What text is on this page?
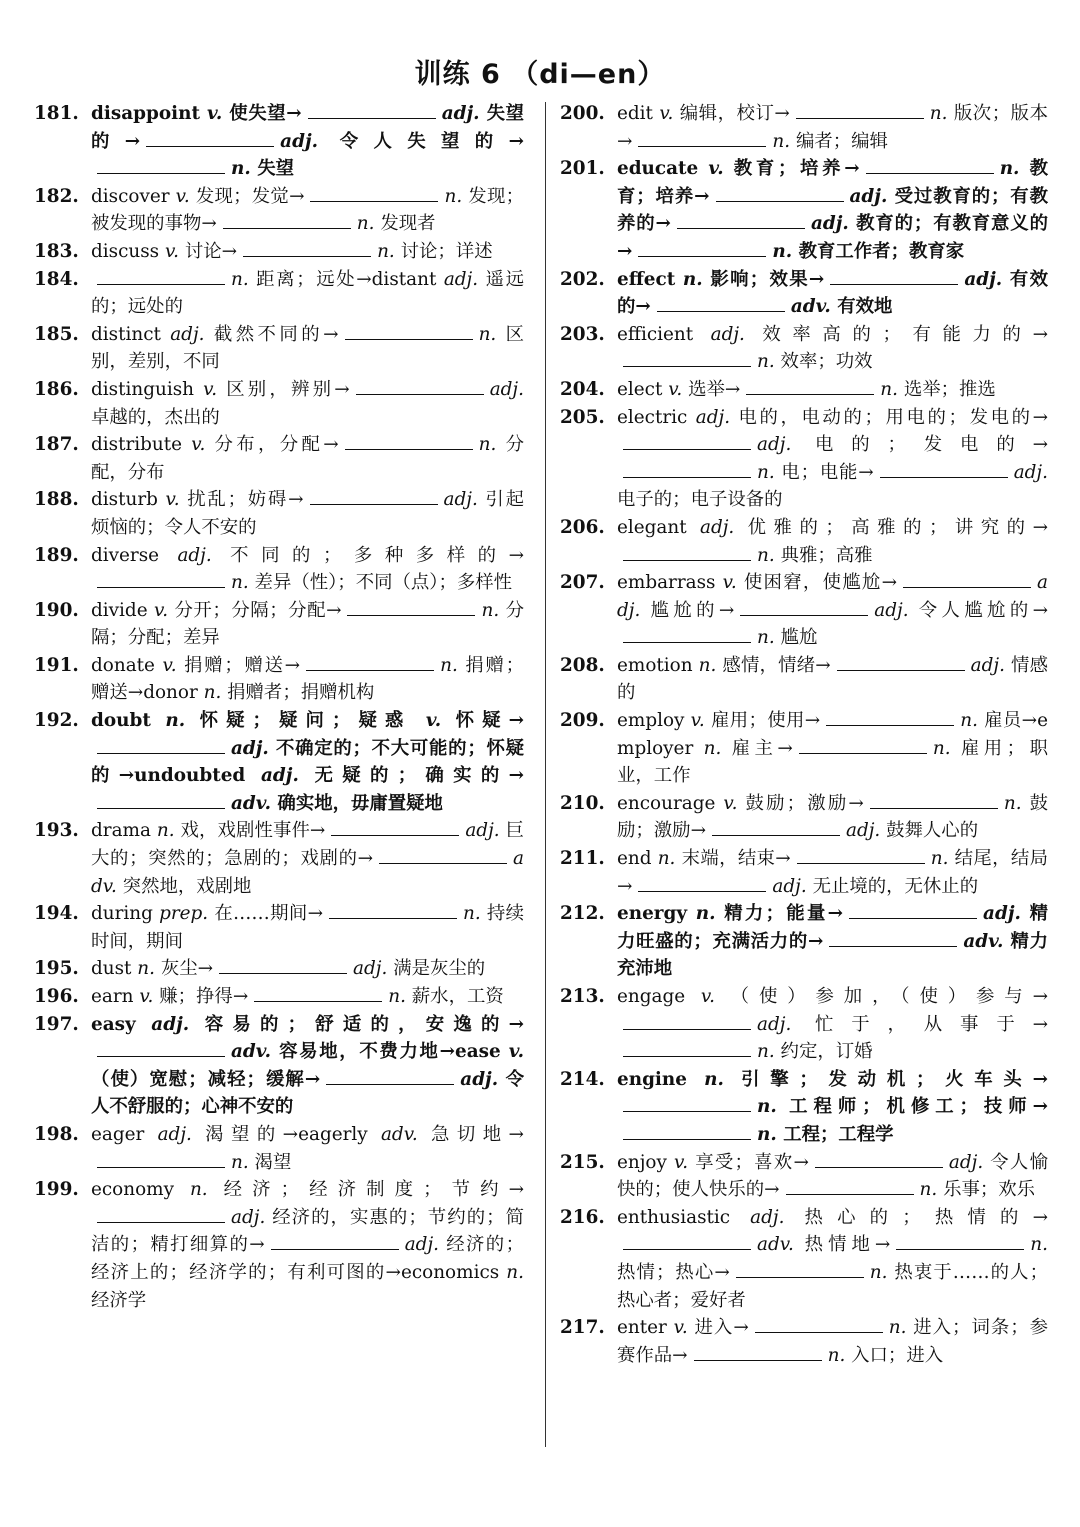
训练 6 （di—en）
181. disappoint v. 使失望→	adj. 失望的→	adj. 令人失望的→n. 失望
182. discover v. 发现；发觉→	n. 发现；被发现的事物→	n. 发现者
183. discuss v. 讨论→	n. 讨论；详述
184.	n. 距离；远处→distant adj. 遥远的；远处的
185. distinct adj. 截然不同的→	n. 区别，差别，不同
186. distinguish v. 区别，辨别→	adj. 卓越的，杰出的
187. distribute v. 分布，分配→	n. 分配，分布
188. disturb v. 扰乱；妨碍→	adj. 引起烦恼的；令人不安的
189. diverse adj. 不同的；多种多样的→n. 差异（性）；不同（点）；多样性
190. divide v. 分开；分隔；分配→	n. 分隔；分配；差异
191. donate v. 捐赠；赠送→	n. 捐赠；赠送→donor n. 捐赠者；捐赠机构
192. doubt n. 怀疑；疑问；疑惑 v. 怀疑→adj. 不确定的；不大可能的；怀疑的→undoubted adj. 无疑的；确实的→adv. 确实地，毋庸置疑地
193. drama n. 戏，戏剧性事件→	adj. 巨大的；突然的；急剧的；戏剧的→	adv. 突然地，戏剧地
194. during prep. 在……期间→	n. 持续时间，期间
195. dust n. 灰尘→	adj. 满是灰尘的
196. earn v. 赚；挣得→	n. 薪水，工资
197. easy adj. 容易的；舒适的，安逸的→adv. 容易地，不费力地→ease v. （使）宽慰；减轻；缓解→	adj. 令人不舒服的；心神不安的
198. eager adj. 渴望的→eagerly adv. 急切地→n. 渴望
199. economy n. 经济；经济制度；节约→adj. 经济的，实惠的；节约的；简洁的；精打细算的→	adj. 经济的；经济上的；经济学的；有利可图的→economics n. 经济学
200. edit v. 编辑，校订→	n. 版次；版本→	n. 编者；编辑
201. educate v. 教育；培养→	n. 教育；培养→	adj. 受过教育的；有教养的→	adj. 教育的；有教育意义的→	n. 教育工作者；教育家
202. effect n. 影响；效果→	adj. 有效的→	adv. 有效地
203. efficient adj. 效率高的；有能力的→n. 效率；功效
204. elect v. 选举→	n. 选举；推选
205. electric adj. 电的，电动的；用电的；发电的→adj. 电的；发电的→n. 电；电能→	adj. 电子的；电子设备的
206. elegant adj. 优雅的；高雅的；讲究的→n. 典雅；高雅
207. embarrass v. 使困窘，使尴尬→	adj. 尴尬的→	adj. 令人尴尬的→n. 尴尬
208. emotion n. 感情，情绪→	adj. 情感的
209. employ v. 雇用；使用→	n. 雇员→employer n. 雇主→	n. 雇用；职业，工作
210. encourage v. 鼓励；激励→	n. 鼓励；激励→	adj. 鼓舞人心的
211. end n. 末端，结束→	n. 结尾，结局→	adj. 无止境的，无休止的
212. energy n. 精力；能量→	adj. 精力旺盛的；充满活力的→	adv. 精力充沛地
213. engage v. （使）参加，（使）参与→adj. 忙于，从事于→n. 约定，订婚
214. engine n. 引擎；发动机；火车头→n. 工程师；机修工；技师→n. 工程；工程学
215. enjoy v. 享受；喜欢→	adj. 令人愉快的；使人快乐的→	n. 乐事；欢乐
216. enthusiastic adj. 热心的；热情的→adv. 热情地→	n. 热情；热心→	n. 热衷于……的人；热心者；爱好者
217. enter v. 进入→	n. 进入；词条；参赛作品→	n. 入口；进入
